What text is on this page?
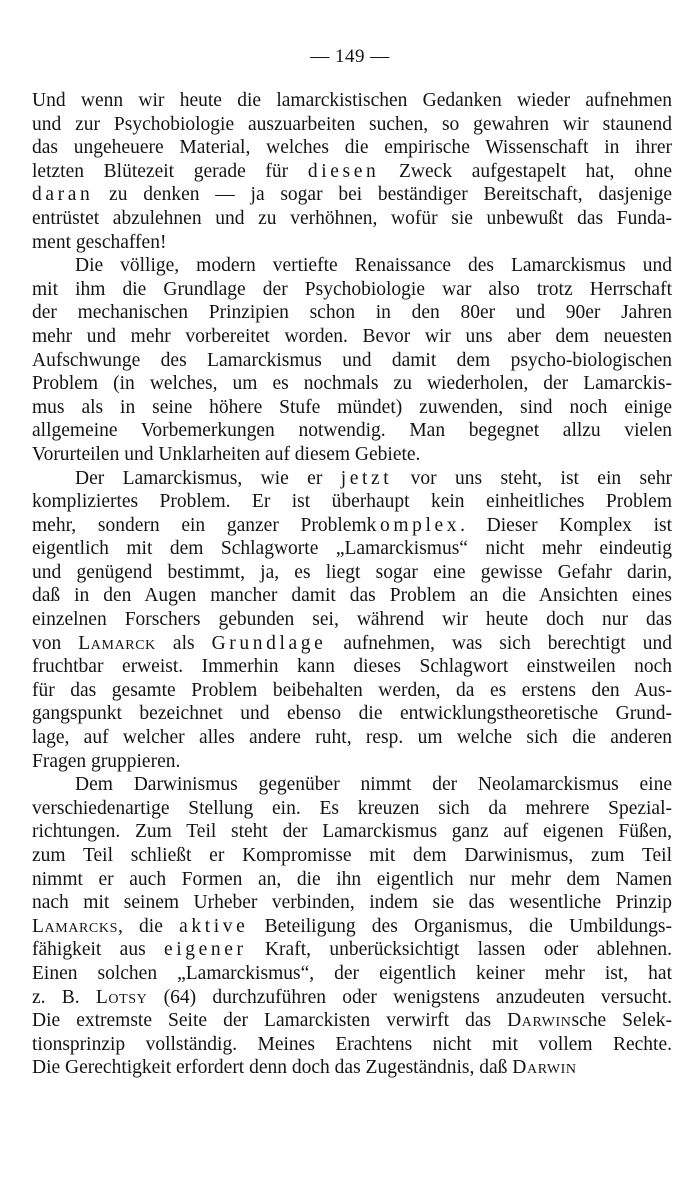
— 149 —

Und wenn wir heute die lamarckistischen Gedanken wieder aufnehmen
und zur Psychobiologie auszuarbeiten suchen, so gewahren wir staunend
das ungeheuere Material, welches die empirische Wissenschaft in ihrer
letzten Blütezeit gerade für diesen Zweck aufgestapelt hat, ohne
daran zu denken — ja sogar bei beständiger Bereitschaft, dasjenige
entrüstet abzulehnen und zu verhöhnen, wofür sie unbewußt das Funda-
ment geschaffen!

Die völlige, modern vertiefte Renaissance des Lamarckismus und
mit ihm die Grundlage der Psychobiologie war also trotz Herrschaft
der mechanischen Prinzipien schon in den 80er und 90er Jahren
mehr und mehr vorbereitet worden. Bevor wir uns aber dem neuesten
Aufschwunge des Lamarckismus und damit dem psycho-biologischen
Problem (in welches, um es nochmals zu wiederholen, der Lamarckis-
mus als in seine höhere Stufe mündet) zuwenden, sind noch einige
allgemeine Vorbemerkungen notwendig. Man begegnet allzu vielen
Vorurteilen und Unklarheiten auf diesem Gebiete.

Der Lamarckismus, wie er jetzt vor uns steht, ist ein sehr
kompliziertes Problem. Er ist überhaupt kein einheitliches Problem
mehr, sondern ein ganzer Problemkomplex. Dieser Komplex ist
eigentlich mit dem Schlagworte „Lamarckismus“ nicht mehr eindeutig
und genügend bestimmt, ja, es liegt sogar eine gewisse Gefahr darin,
daß in den Augen mancher damit das Problem an die Ansichten eines
einzelnen Forschers gebunden sei, während wir heute doch nur das
von Lamarck als Grundlage aufnehmen, was sich berechtigt und
fruchtbar erweist. Immerhin kann dieses Schlagwort einstweilen noch
für das gesamte Problem beibehalten werden, da es erstens den Aus-
gangspunkt bezeichnet und ebenso die entwicklungstheoretische Grund-
lage, auf welcher alles andere ruht, resp. um welche sich die anderen
Fragen gruppieren.

Dem Darwinismus gegenüber nimmt der Neolamarckismus eine
verschiedenartige Stellung ein. Es kreuzen sich da mehrere Spezial-
richtungen. Zum Teil steht der Lamarckismus ganz auf eigenen Füßen,
zum Teil schließt er Kompromisse mit dem Darwinismus, zum Teil
nimmt er auch Formen an, die ihn eigentlich nur mehr dem Namen
nach mit seinem Urheber verbinden, indem sie das wesentliche Prinzip
Lamarcks, die aktive Beteiligung des Organismus, die Umbildungs-
fähigkeit aus eigener Kraft, unberücksichtigt lassen oder ablehnen.
Einen solchen „Lamarckismus“, der eigentlich keiner mehr ist, hat
z. B. Lotsy (64) durchzuführen oder wenigstens anzudeuten versucht.
Die extremste Seite der Lamarckisten verwirft das Darwinsche Selek-
tionsprinzip vollständig. Meines Erachtens nicht mit vollem Rechte.
Die Gerechtigkeit erfordert denn doch das Zugeständnis, daß Darwin
